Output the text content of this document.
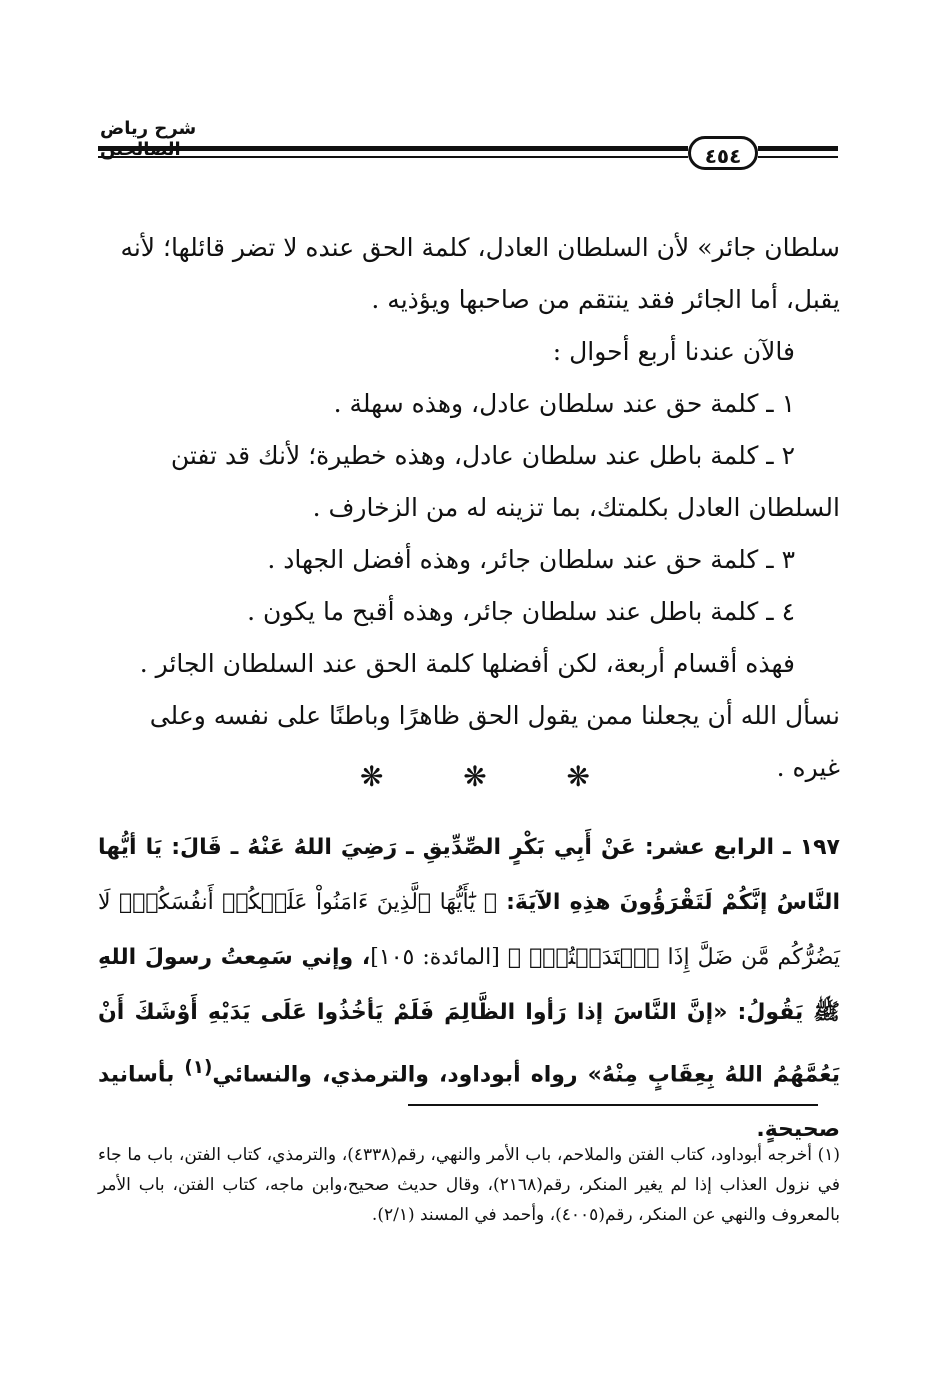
شرح رياض
٤٥٤

سلطان جائر» لأن السلطان العادل، كلمة الحق عنده لا تضر قائلها؛ لأنه

يقبل، أما الجائر فقد ينتقم من صاحبها ويؤذيه .

فالآن عندنا أربع أحوال :

١ ـ كلمة حق عند سلطان عادل، وهذه سهلة .

٢ ـ كلمة باطل عند سلطان عادل، وهذه خطيرة؛ لأنك قد تفتن

السلطان العادل بكلمتك، بما تزينه له من الزخارف .

٣ ـ كلمة حق عند سلطان جائر، وهذه أفضل الجهاد .

٤ ـ كلمة باطل عند سلطان جائر، وهذه أقبح ما يكون .

فهذه أقسام أربعة، لكن أفضلها كلمة الحق عند السلطان الجائر .

نسأل الله أن يجعلنا ممن يقول الحق ظاهرًا وباطنًا على نفسه وعلى غيره .

❋	❋	❋

١٩٧ ـ الرابع عشر: عَنْ أَبِي بَكْرٍ الصِّدِّيقِ ـ رَضِيَ اللهُ عَنْهُ ـ قَالَ: يَا أيُّها النَّاسُ إنَّكُمْ لَتَقْرَؤُونَ هذِهِ الآيَةَ: ﴿ يَٰٓأَيُّهَا ٱلَّذِينَ ءَامَنُواْ عَلَيۡكُمۡ أَنفُسَكُمۡۖ لَا يَضُرُّكُم مَّن ضَلَّ إِذَا ٱهۡتَدَيۡتُمۡۚ ﴾ [المائدة: ١٠٥]، وإني سَمِعتُ رسولَ اللهِ ﷺ يَقُولُ: «إنَّ النَّاسَ إذا رَأوا الظَّالِمَ فَلَمْ يَأخُذُوا عَلَى يَدَيْهِ أَوْشَكَ أَنْ يَعُمَّهُمُ اللهُ بِعِقَابٍ مِنْهُ» رواه أبوداود، والترمذي، والنسائي$^{(١)}$ بأسانيد صحيحةٍ.

(١) أخرجه أبوداود، كتاب الفتن والملاحم، باب الأمر والنهي، رقم(٤٣٣٨)، والترمذي، كتاب الفتن، باب ما جاء في نزول العذاب إذا لم يغير المنكر، رقم(٢١٦٨)، وقال حديث صحيح،وابن ماجه، كتاب الفتن، باب الأمر بالمعروف والنهي عن المنكر، رقم(٤٠٠٥)، وأحمد في المسند (٢/١).
